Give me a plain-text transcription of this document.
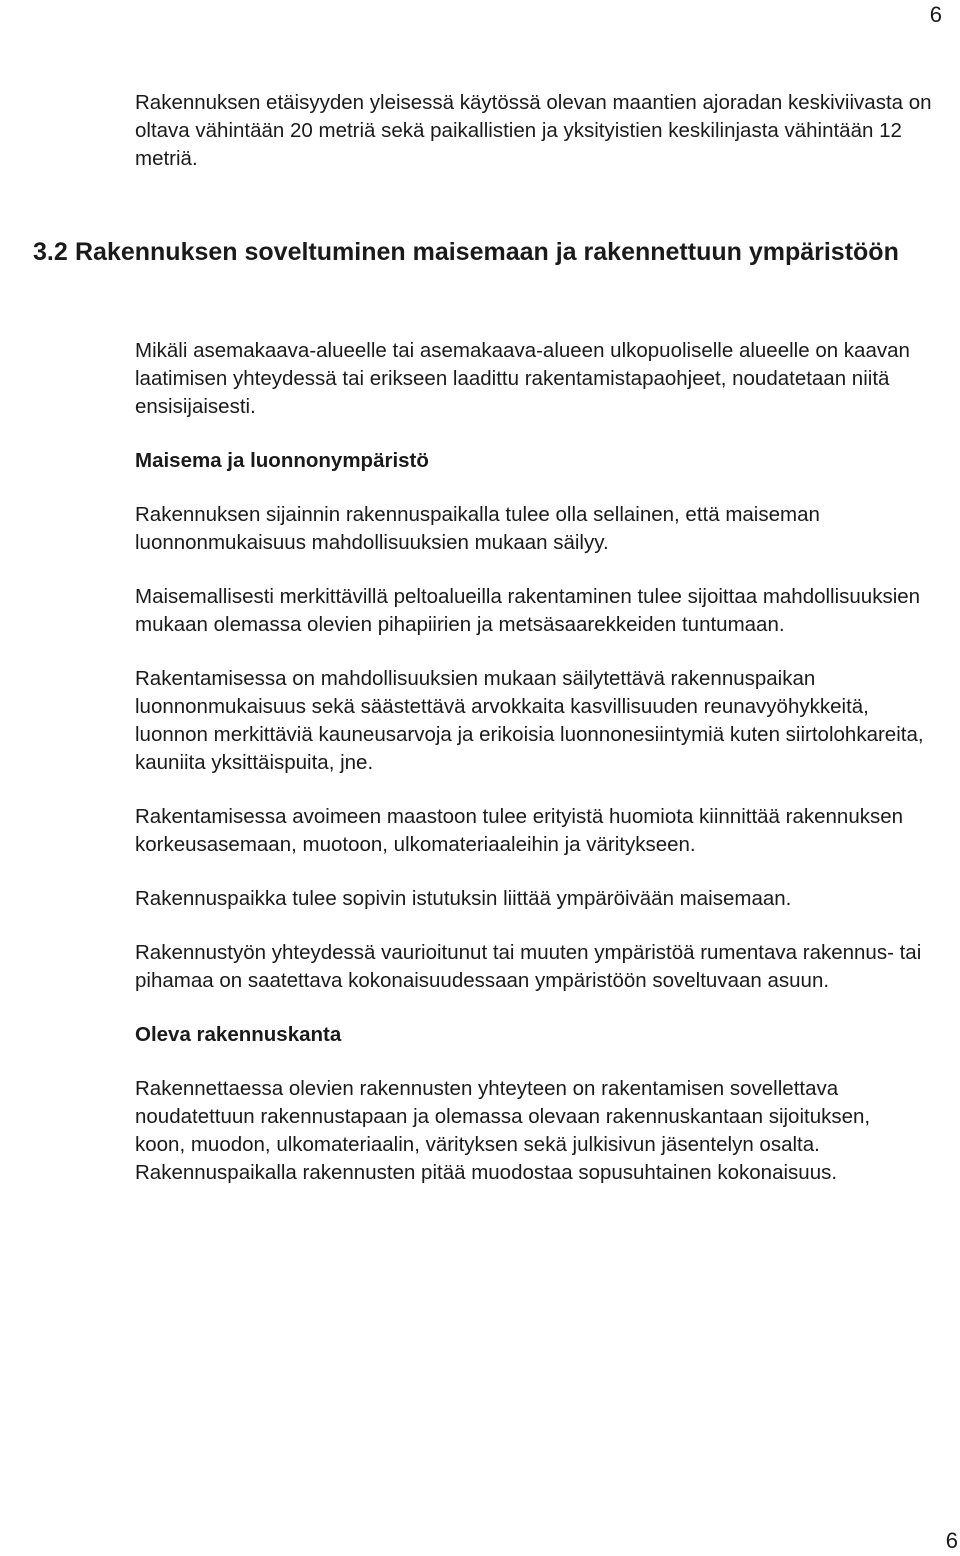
6

Rakennuksen etäisyyden yleisessä käytössä olevan maantien ajoradan keskiviivasta on oltava vähintään 20 metriä sekä paikallistien ja yksityistien keskilinjasta vähintään 12 metriä.

3.2 Rakennuksen soveltuminen maisemaan ja rakennettuun ympäristöön

Mikäli asemakaava-alueelle tai asemakaava-alueen ulkopuoliselle alueelle on kaavan laatimisen yhteydessä tai erikseen laadittu rakentamistapaohjeet, noudatetaan niitä ensisijaisesti.

Maisema ja luonnonympäristö

Rakennuksen sijainnin rakennuspaikalla tulee olla sellainen, että maiseman luonnonmukaisuus mahdollisuuksien mukaan säilyy.

Maisemallisesti merkittävillä peltoalueilla rakentaminen tulee sijoittaa mahdollisuuksien mukaan olemassa olevien pihapiirien ja metsäsaarekkeiden tuntumaan.

Rakentamisessa on mahdollisuuksien mukaan säilytettävä rakennuspaikan luonnonmukaisuus sekä säästettävä arvokkaita kasvillisuuden reunavyöhykkeitä, luonnon merkittäviä kauneusarvoja ja erikoisia luonnonesiintymiä kuten siirtolohkareita, kauniita yksittäispuita, jne.

Rakentamisessa avoimeen maastoon tulee erityistä huomiota kiinnittää rakennuksen korkeusasemaan, muotoon, ulkomateriaaleihin ja väritykseen.

Rakennuspaikka tulee sopivin istutuksin liittää ympäröivään maisemaan.

Rakennustyön yhteydessä vaurioitunut tai muuten ympäristöä rumentava rakennus- tai pihamaa on saatettava kokonaisuudessaan ympäristöön soveltuvaan asuun.

Oleva rakennuskanta

Rakennettaessa olevien rakennusten yhteyteen on rakentamisen sovellettava noudatettuun rakennustapaan ja olemassa olevaan rakennuskantaan sijoituksen, koon, muodon, ulkomateriaalin, värityksen sekä julkisivun jäsentelyn osalta. Rakennuspaikalla rakennusten pitää muodostaa sopusuhtainen kokonaisuus.

6
